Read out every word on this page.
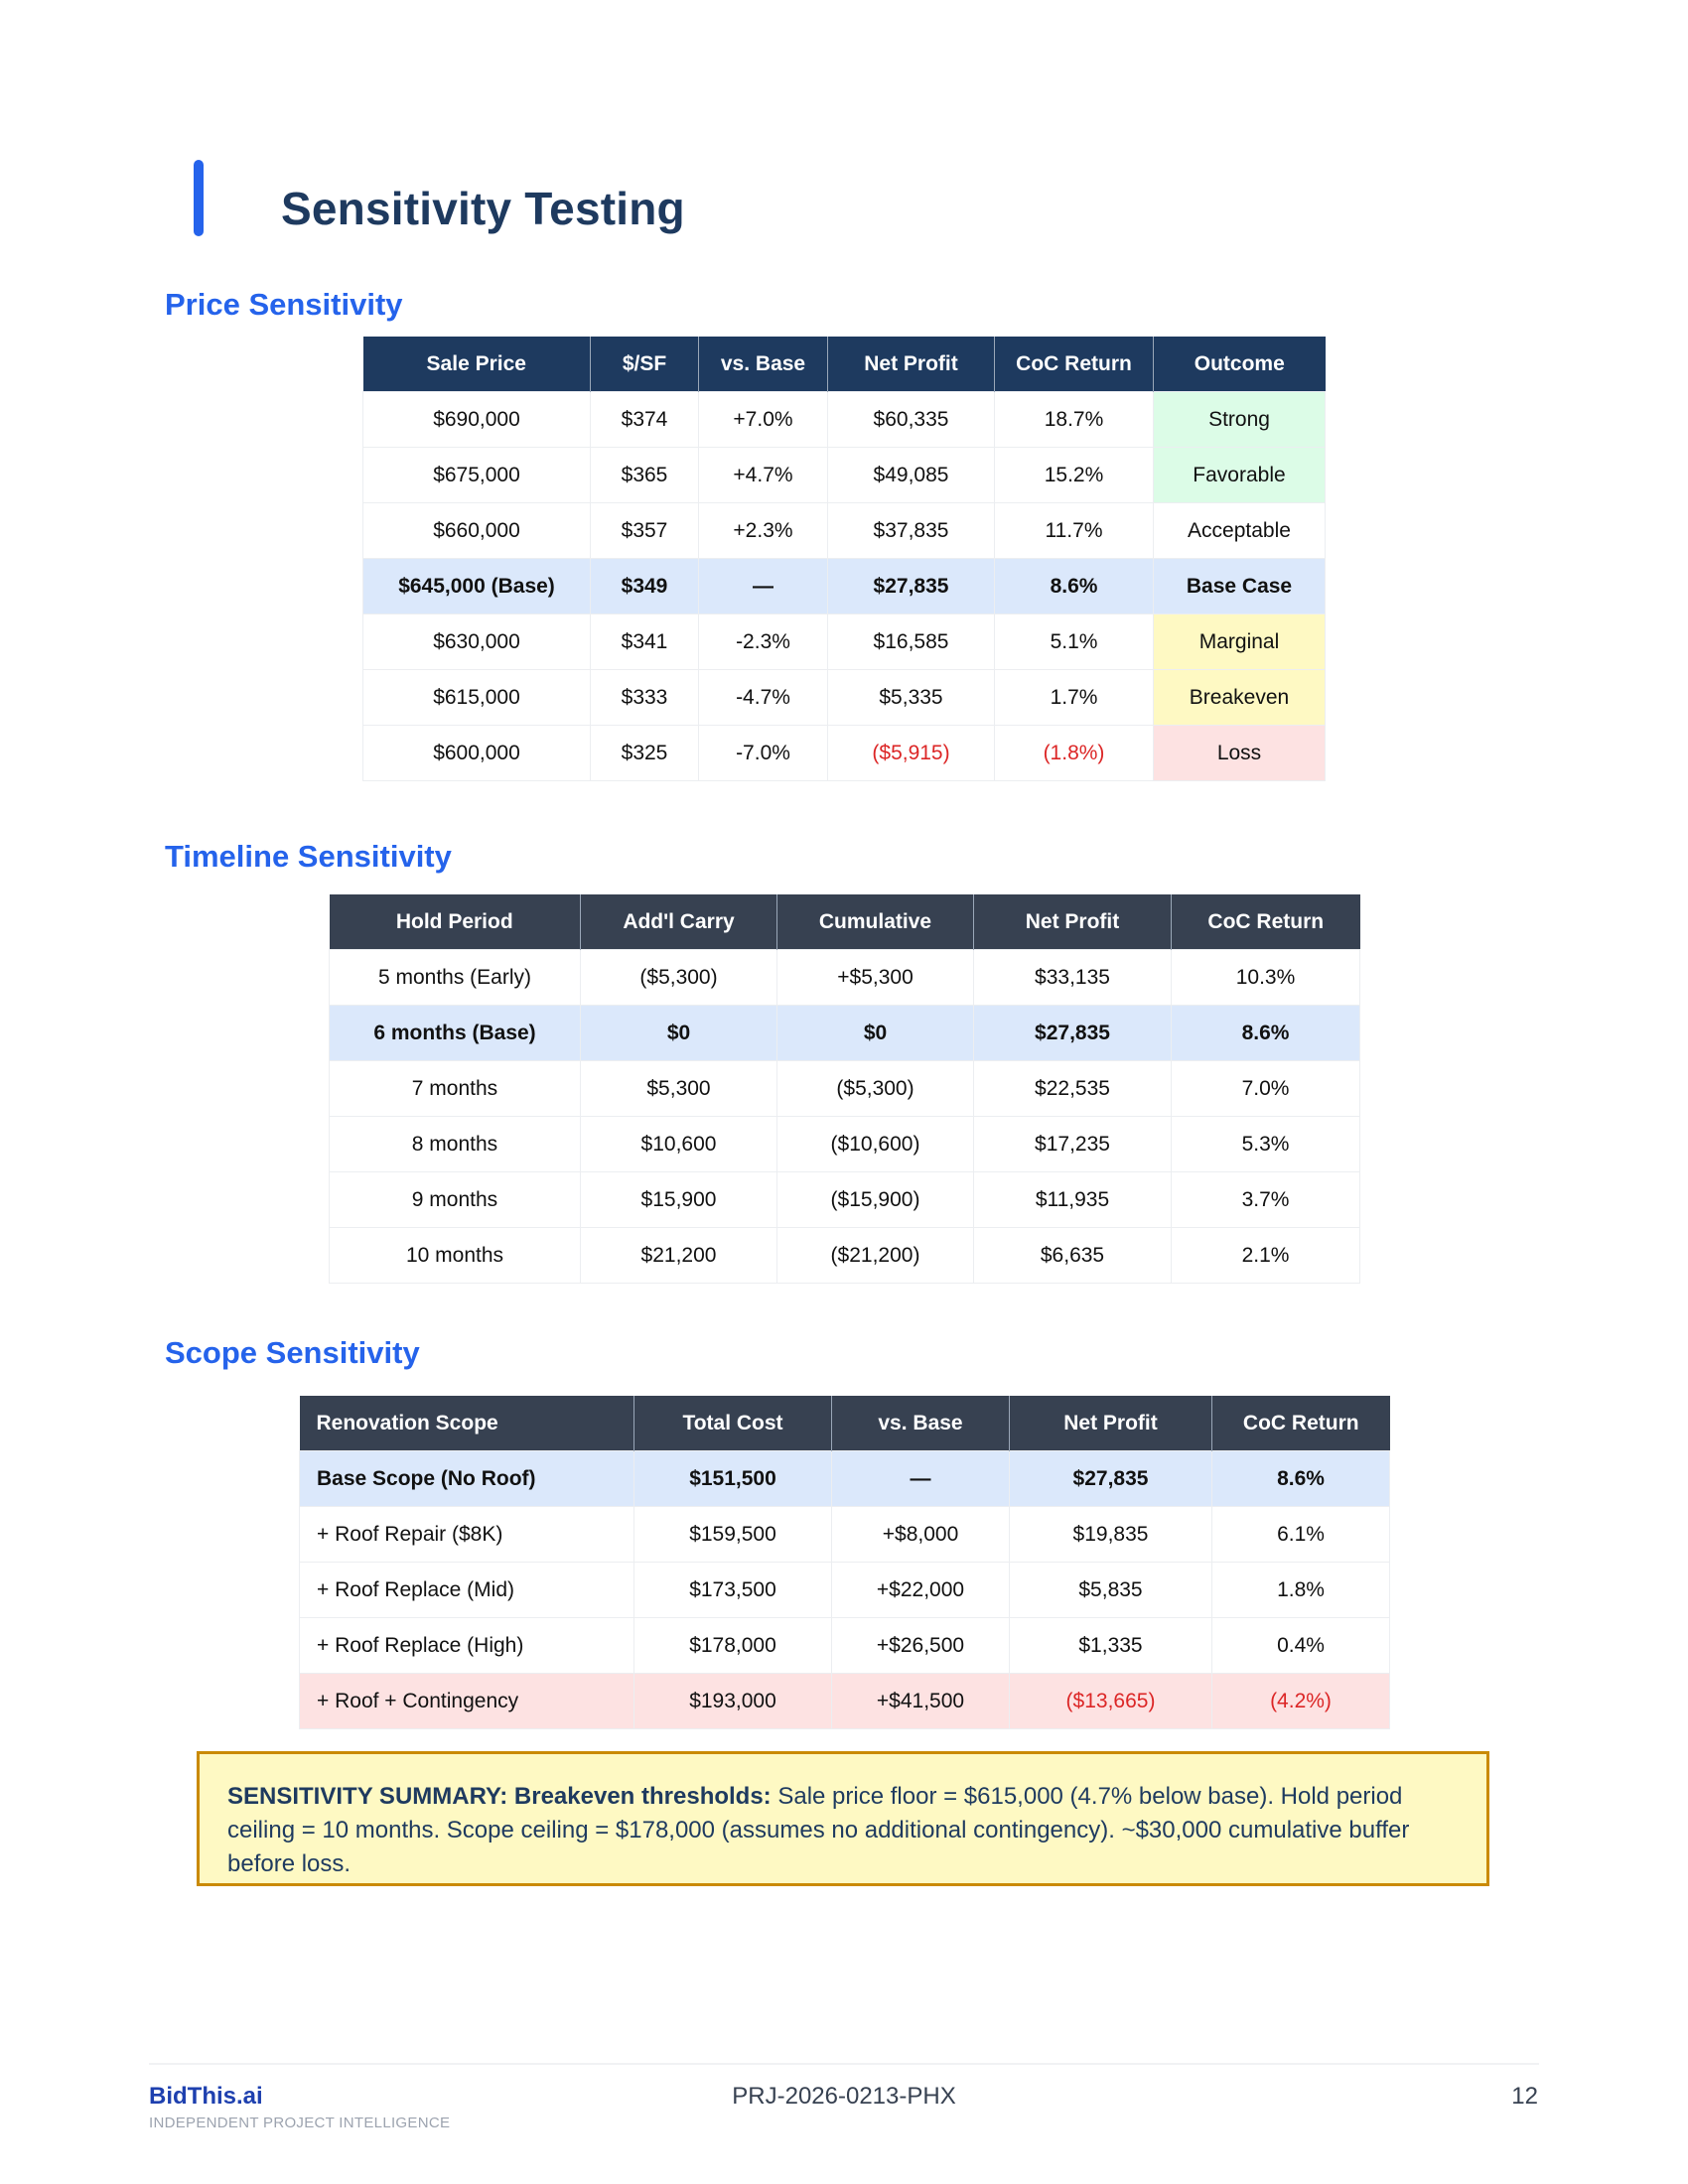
Sensitivity Testing
Price Sensitivity
Sale Price	$/SF	vs. Base	Net Profit	CoC Return	Outcome
$690,000	$374	+7.0%	$60,335	18.7%	Strong
$675,000	$365	+4.7%	$49,085	15.2%	Favorable
$660,000	$357	+2.3%	$37,835	11.7%	Acceptable
$645,000 (Base)	$349	—	$27,835	8.6%	Base Case
$630,000	$341	-2.3%	$16,585	5.1%	Marginal
$615,000	$333	-4.7%	$5,335	1.7%	Breakeven
$600,000	$325	-7.0%	($5,915)	(1.8%)	Loss
Timeline Sensitivity
Hold Period	Add'l Carry	Cumulative	Net Profit	CoC Return
5 months (Early)	($5,300)	+$5,300	$33,135	10.3%
6 months (Base)	$0	$0	$27,835	8.6%
7 months	$5,300	($5,300)	$22,535	7.0%
8 months	$10,600	($10,600)	$17,235	5.3%
9 months	$15,900	($15,900)	$11,935	3.7%
10 months	$21,200	($21,200)	$6,635	2.1%
Scope Sensitivity
Renovation Scope	Total Cost	vs. Base	Net Profit	CoC Return
Base Scope (No Roof)	$151,500	—	$27,835	8.6%
+ Roof Repair ($8K)	$159,500	+$8,000	$19,835	6.1%
+ Roof Replace (Mid)	$173,500	+$22,000	$5,835	1.8%
+ Roof Replace (High)	$178,000	+$26,500	$1,335	0.4%
+ Roof + Contingency	$193,000	+$41,500	($13,665)	(4.2%)
SENSITIVITY SUMMARY: Breakeven thresholds: Sale price floor = $615,000 (4.7% below base). Hold period ceiling = 10 months. Scope ceiling = $178,000 (assumes no additional contingency). ~$30,000 cumulative buffer before loss.
BidThis.ai
INDEPENDENT PROJECT INTELLIGENCE
PRJ-2026-0213-PHX	12
